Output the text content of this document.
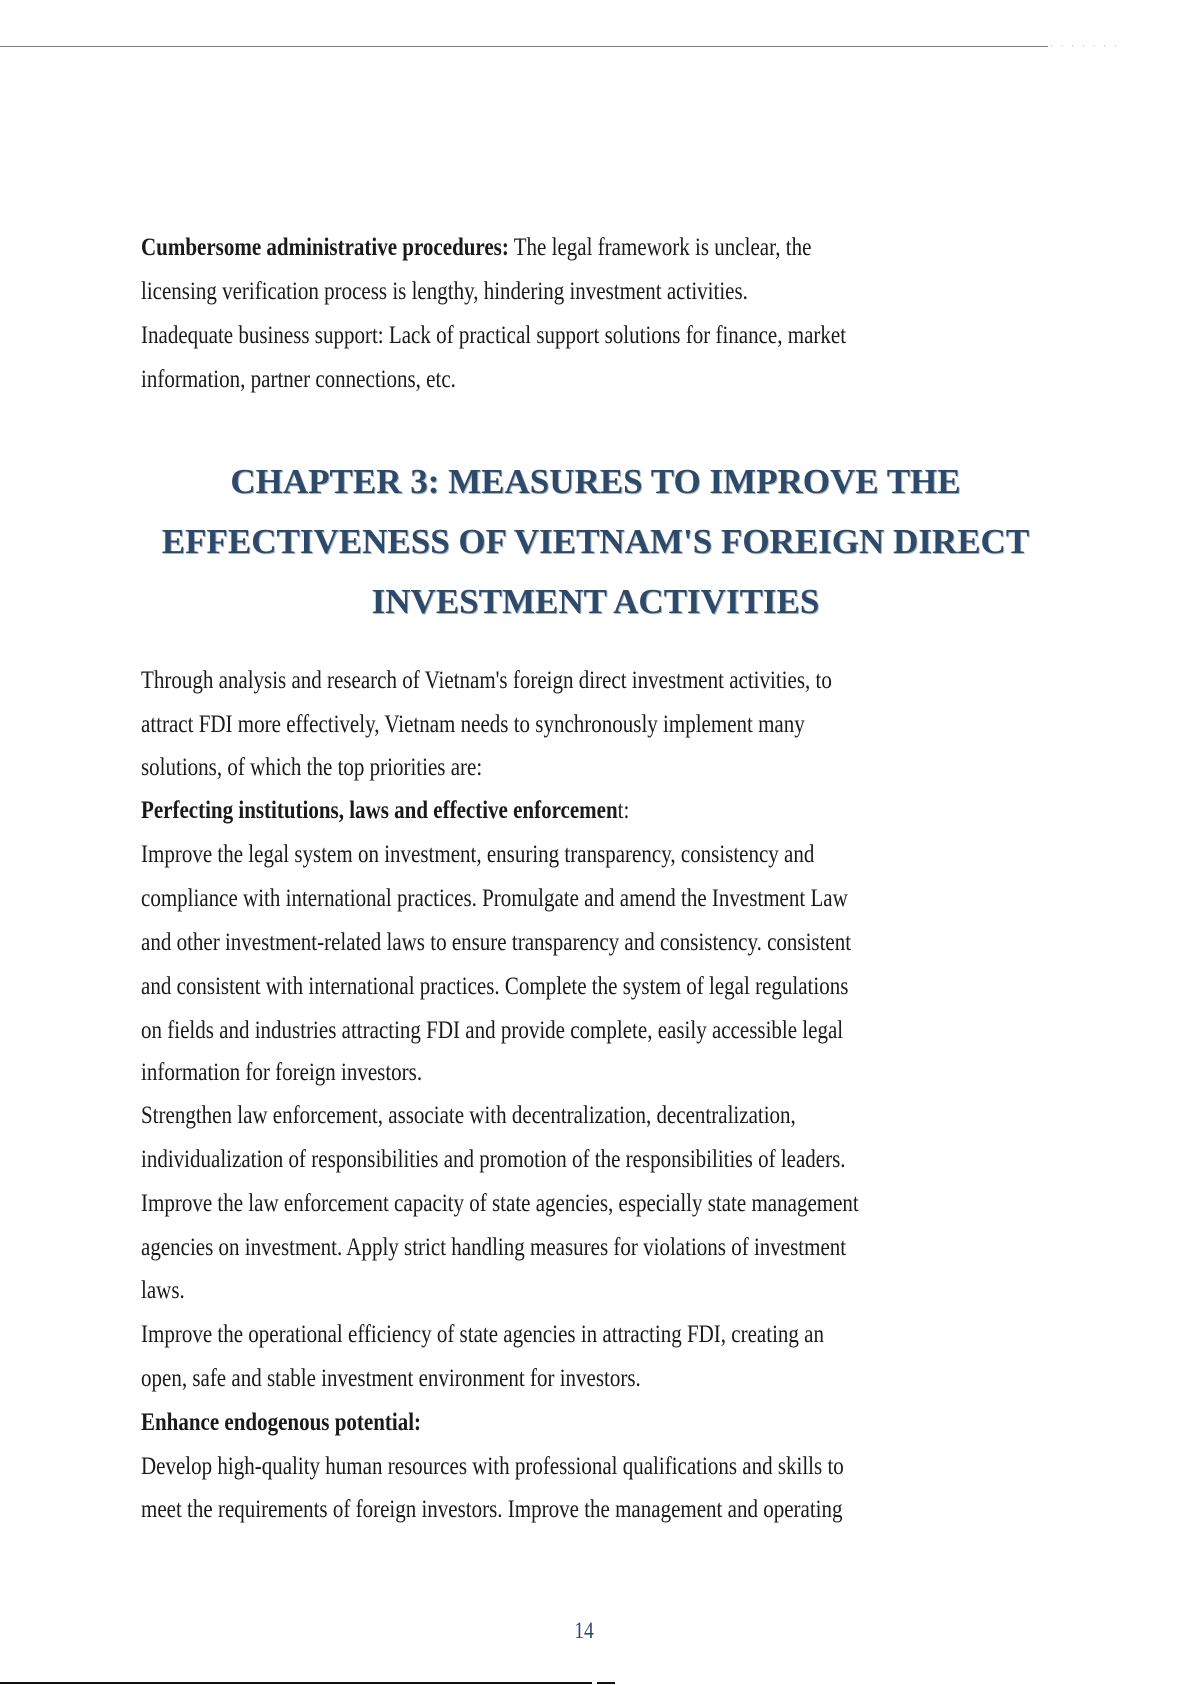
·······
Cumbersome administrative procedures: The legal framework is unclear, the
licensing verification process is lengthy, hindering investment activities.
Inadequate business support: Lack of practical support solutions for finance, market
information, partner connections, etc.
CHAPTER 3: MEASURES TO IMPROVE THE
EFFECTIVENESS OF VIETNAM'S FOREIGN DIRECT
INVESTMENT ACTIVITIES
Through analysis and research of Vietnam's foreign direct investment activities, to
attract FDI more effectively, Vietnam needs to synchronously implement many
solutions, of which the top priorities are:
Perfecting institutions, laws and effective enforcement:
Improve the legal system on investment, ensuring transparency, consistency and
compliance with international practices. Promulgate and amend the Investment Law
and other investment-related laws to ensure transparency and consistency. consistent
and consistent with international practices. Complete the system of legal regulations
on fields and industries attracting FDI and provide complete, easily accessible legal
information for foreign investors.
Strengthen law enforcement, associate with decentralization, decentralization,
individualization of responsibilities and promotion of the responsibilities of leaders.
Improve the law enforcement capacity of state agencies, especially state management
agencies on investment. Apply strict handling measures for violations of investment
laws.
Improve the operational efficiency of state agencies in attracting FDI, creating an
open, safe and stable investment environment for investors.
Enhance endogenous potential:
Develop high-quality human resources with professional qualifications and skills to
meet the requirements of foreign investors. Improve the management and operating
14
